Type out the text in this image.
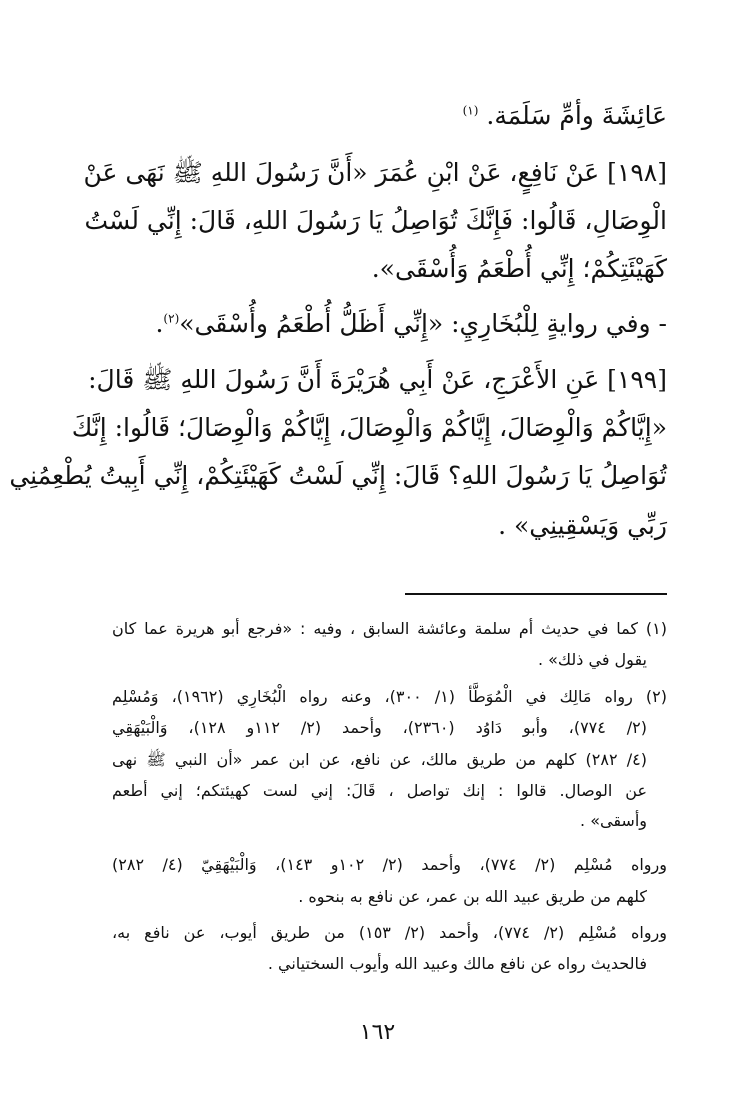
عَائِشَةَ وأمِّ سَلَمَة. $^{(١)}$
[١٩٨] عَنْ نَافِعٍ، عَنْ ابْنِ عُمَرَ «أَنَّ رَسُولَ اللهِ ﷺ نَهَى عَنْ
الْوِصَالِ، قَالُوا: فَإِنَّكَ تُوَاصِلُ يَا رَسُولَ اللهِ، قَالَ: إِنِّي لَسْتُ
كَهَيْئَتِكُمْ؛ إِنِّي أُطْعَمُ وَأُسْقَى».
- وفي روايةٍ لِلْبُخَارِيِ: «إِنِّي أَظَلُّ أُطْعَمُ وأُسْقَى»$^{(٢)}$.
[١٩٩] عَنِ الأَعْرَجِ، عَنْ أَبِي هُرَيْرَةَ أَنَّ رَسُولَ اللهِ ﷺ قَالَ:
«إِيَّاكُمْ وَالْوِصَالَ، إِيَّاكُمْ وَالْوِصَالَ، إِيَّاكُمْ وَالْوِصَالَ؛ قَالُوا: إِنَّكَ
تُوَاصِلُ يَا رَسُولَ اللهِ؟ قَالَ: إِنِّي لَسْتُ كَهَيْئَتِكُمْ، إِنِّي أَبِيتُ يُطْعِمُنِي
رَبِّي وَيَسْقِينِي» .
(١) كما في حديث أم سلمة وعائشة السابق ، وفيه : «فرجع أبو هريرة عما كان
يقول في ذلك» .
(٢) رواه مَالِك في الْمُوَطَّأ (١/ ٣٠٠)، وعنه رواه الْبُخَارِي (١٩٦٢)، وَمُسْلِم
(٢/ ٧٧٤)، وأبو دَاوُد (٢٣٦٠)، وأحمد (٢/ ١١٢و ١٢٨)، وَالْبَيْهَقِي
(٤/ ٢٨٢) كلهم من طريق مالك، عن نافع، عن ابن عمر «أن النبي ﷺ نهى
عن الوصال. قالوا : إنك تواصل ، قَالَ: إني لست كهيئتكم؛ إني أطعم
وأسقى» .
ورواه مُسْلِم (٢/ ٧٧٤)، وأحمد (٢/ ١٠٢و ١٤٣)، وَالْبَيْهَقِيّ (٤/ ٢٨٢)
كلهم من طريق عبيد الله بن عمر، عن نافع به بنحوه .
ورواه مُسْلِم (٢/ ٧٧٤)، وأحمد (٢/ ١٥٣) من طريق أيوب، عن نافع به،
فالحديث رواه عن نافع مالك وعبيد الله وأيوب السختياني .
١٦٢
